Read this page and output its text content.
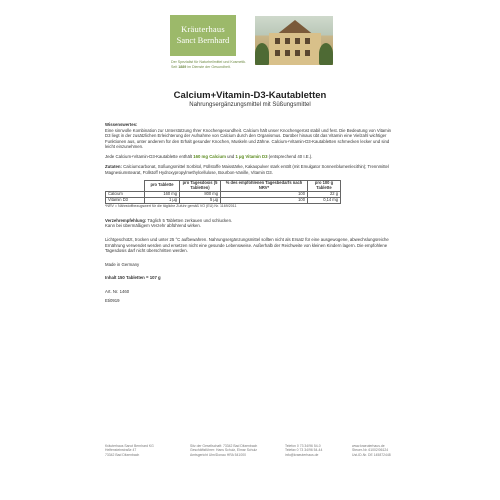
Kräuterhaus
Sanct Bernhard
Der Spezialist für Naturheilmittel und Kosmetik.
Seit 1889 im Dienste der Gesundheit.
Calcium+Vitamin-D3-Kautabletten
Nahrungsergänzungsmittel mit Süßungsmittel

Wissenswertes:

Eine sinnvolle Kombination zur Unterstützung Ihrer Knochengesundheit. Calcium hält unser Knochengerüst stabil und fest. Die Bedeutung von Vitamin D3 liegt in der zusätzlichen Erleichterung der Aufnahme von Calcium durch den Organismus. Darüber hinaus übt das Vitamin eine Vielzahl wichtiger Funktionen aus, unter anderem für den Erhalt gesunder Knochen, Muskeln und Zähne. Calcium+Vitamin-D3-Kautabletten schmecken lecker und sind leicht einzunehmen.

Jede Calcium+Vitamin-D3-Kautablette enthält 160 mg Calcium und 1 µg Vitamin D3 (entsprechend 40 I.E.).

Zutaten: Calciumcarbonat, Süßungsmittel Sorbitol, Füllstoffe Maisstärke, Kakaopulver stark entölt (mit Emulgator Sonnenblumenlecithin); Trennmittel Magnesiumstearat, Füllstoff Hydroxypropylmethylcellulose, Bourbon-Vanille, Vitamin D3.

	pro Tablette	pro Tagesdosis (5 Tabletten)	% des empfohlenen Tagesbedarfs nach NRV*	pro 100 g Tablette
Calcium	160 mg	800 mg	100	22 g
Vitamin D3	1 µg	5 µg	100	0,14 mg
*NRV = Nährstoffbezugswert für die tägliche Zufuhr gemäß VO (EU) Nr. 1169/2011

Verzehrempfehlung: Täglich 5 Tabletten zerkauen und schlucken.

Kann bei übermäßigem Verzehr abführend wirken.

Lichtgeschützt, trocken und unter 25 °C aufbewahren. Nahrungsergänzungsmittel sollten nicht als Ersatz für eine ausgewogene, abwechslungsreiche Ernährung verwendet werden und ersetzen nicht eine gesunde Lebensweise. Außerhalb der Reichweite von kleinen Kindern lagern. Die empfohlene Tagesdosis darf nicht überschritten werden.

Made in Germany

Inhalt 150 Tabletten = 107 g

Art. Nr. 1460

Eti0919

Kräuterhaus Sanct Bernhard KG
Helfensteinstraße 47
73342 Bad Ditzenbach
Sitz der Gesellschaft: 73342 Bad Ditzenbach
Geschäftsführer: Hans Schulz, Elmar Schulz
Amtsgericht Ulm/Donau HRA 541000
Telefon 0 73 34/96 54-0
Telefax 0 73 34/96 54-44
info@kraeuterhaus.de
www.kraeuterhaus.de
Steuer-Nr. 61002/06124
Ust-ID-Nr. DE 145872448
